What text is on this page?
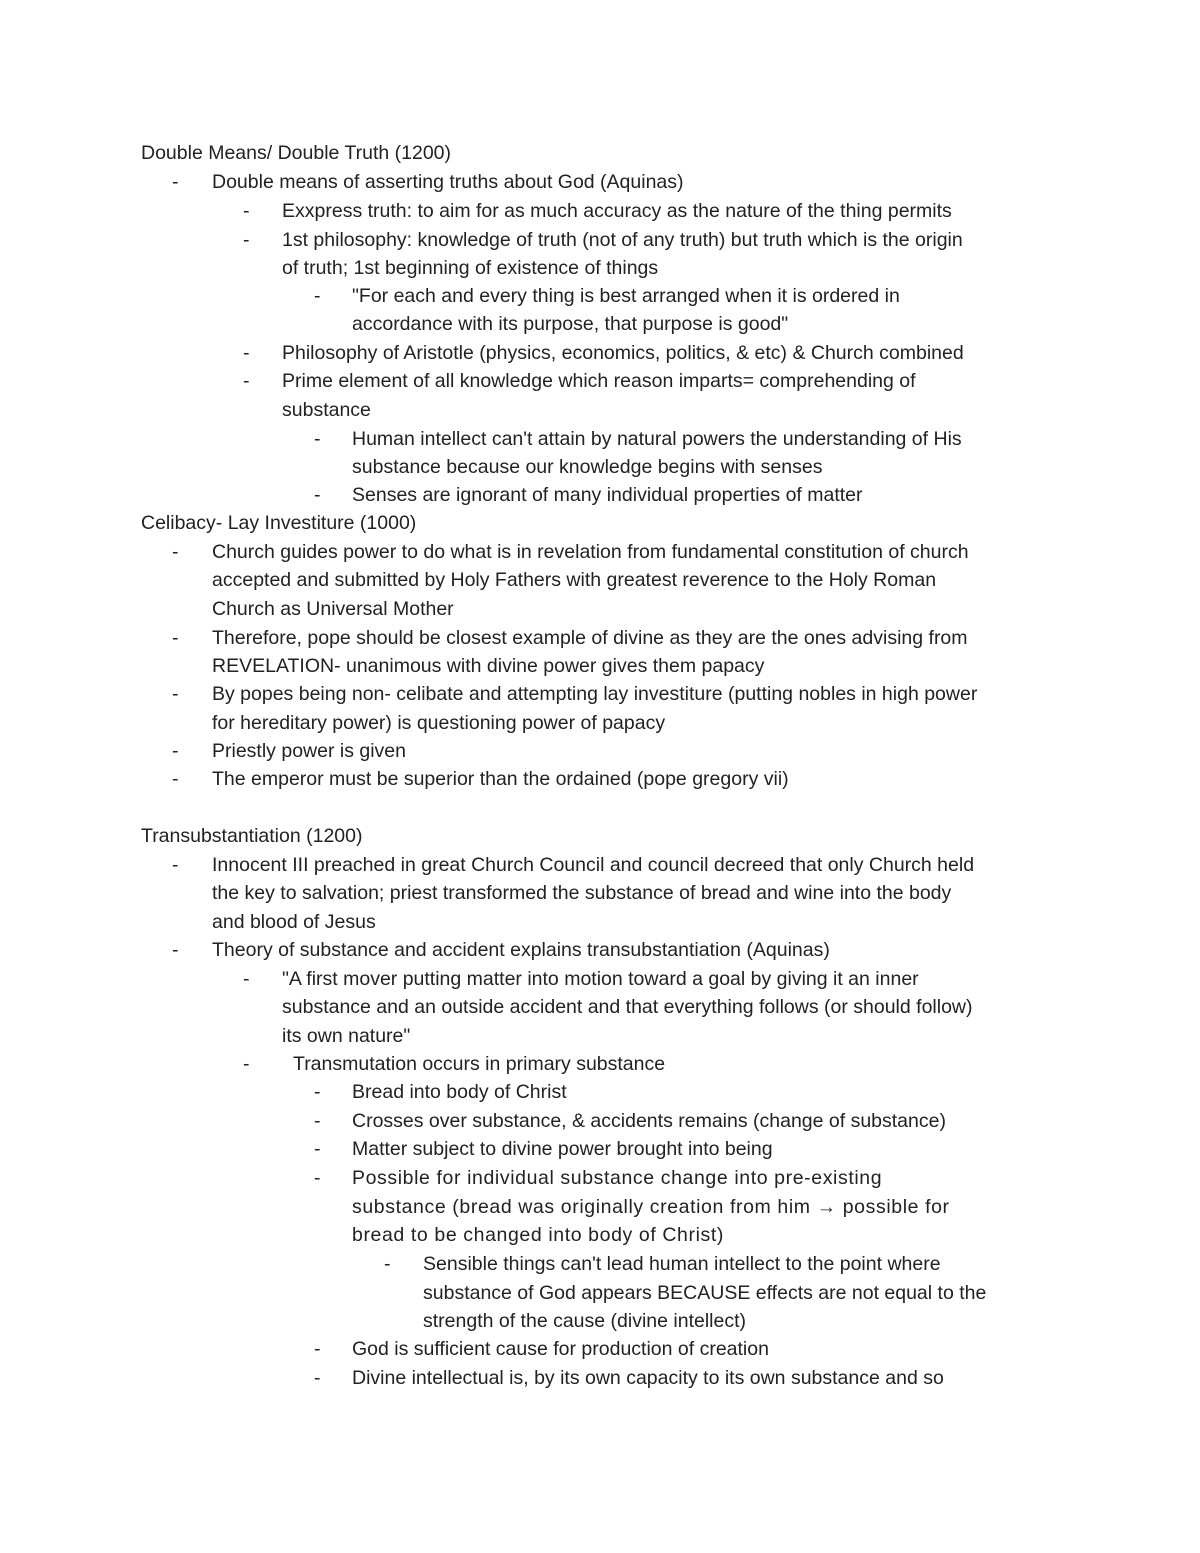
Double Means/ Double Truth (1200)
- Double means of asserting truths about God (Aquinas)
- Exxpress truth: to aim for as much accuracy as the nature of the thing permits
- 1st philosophy: knowledge of truth (not of any truth) but truth which is the origin
of truth; 1st beginning of existence of things
- "For each and every thing is best arranged when it is ordered in
accordance with its purpose, that purpose is good"
- Philosophy of Aristotle (physics, economics, politics, & etc) & Church combined
- Prime element of all knowledge which reason imparts= comprehending of
substance
- Human intellect can't attain by natural powers the understanding of His
substance because our knowledge begins with senses
- Senses are ignorant of many individual properties of matter
Celibacy- Lay Investiture (1000)
- Church guides power to do what is in revelation from fundamental constitution of church
accepted and submitted by Holy Fathers with greatest reverence to the Holy Roman
Church as Universal Mother
- Therefore, pope should be closest example of divine as they are the ones advising from
REVELATION- unanimous with divine power gives them papacy
- By popes being non- celibate and attempting lay investiture (putting nobles in high power
for hereditary power) is questioning power of papacy
- Priestly power is given
- The emperor must be superior than the ordained (pope gregory vii)
Transubstantiation (1200)
- Innocent III preached in great Church Council and council decreed that only Church held
the key to salvation; priest transformed the substance of bread and wine into the body
and blood of Jesus
- Theory of substance and accident explains transubstantiation (Aquinas)
- "A first mover putting matter into motion toward a goal by giving it an inner
substance and an outside accident and that everything follows (or should follow)
its own nature"
- Transmutation occurs in primary substance
- Bread into body of Christ
- Crosses over substance, & accidents remains (change of substance)
- Matter subject to divine power brought into being
- Possible for individual substance change into pre-existing
substance (bread was originally creation from him → possible for
bread to be changed into body of Christ)
- Sensible things can't lead human intellect to the point where
substance of God appears BECAUSE effects are not equal to the
strength of the cause (divine intellect)
- God is sufficient cause for production of creation
- Divine intellectual is, by its own capacity to its own substance and so
